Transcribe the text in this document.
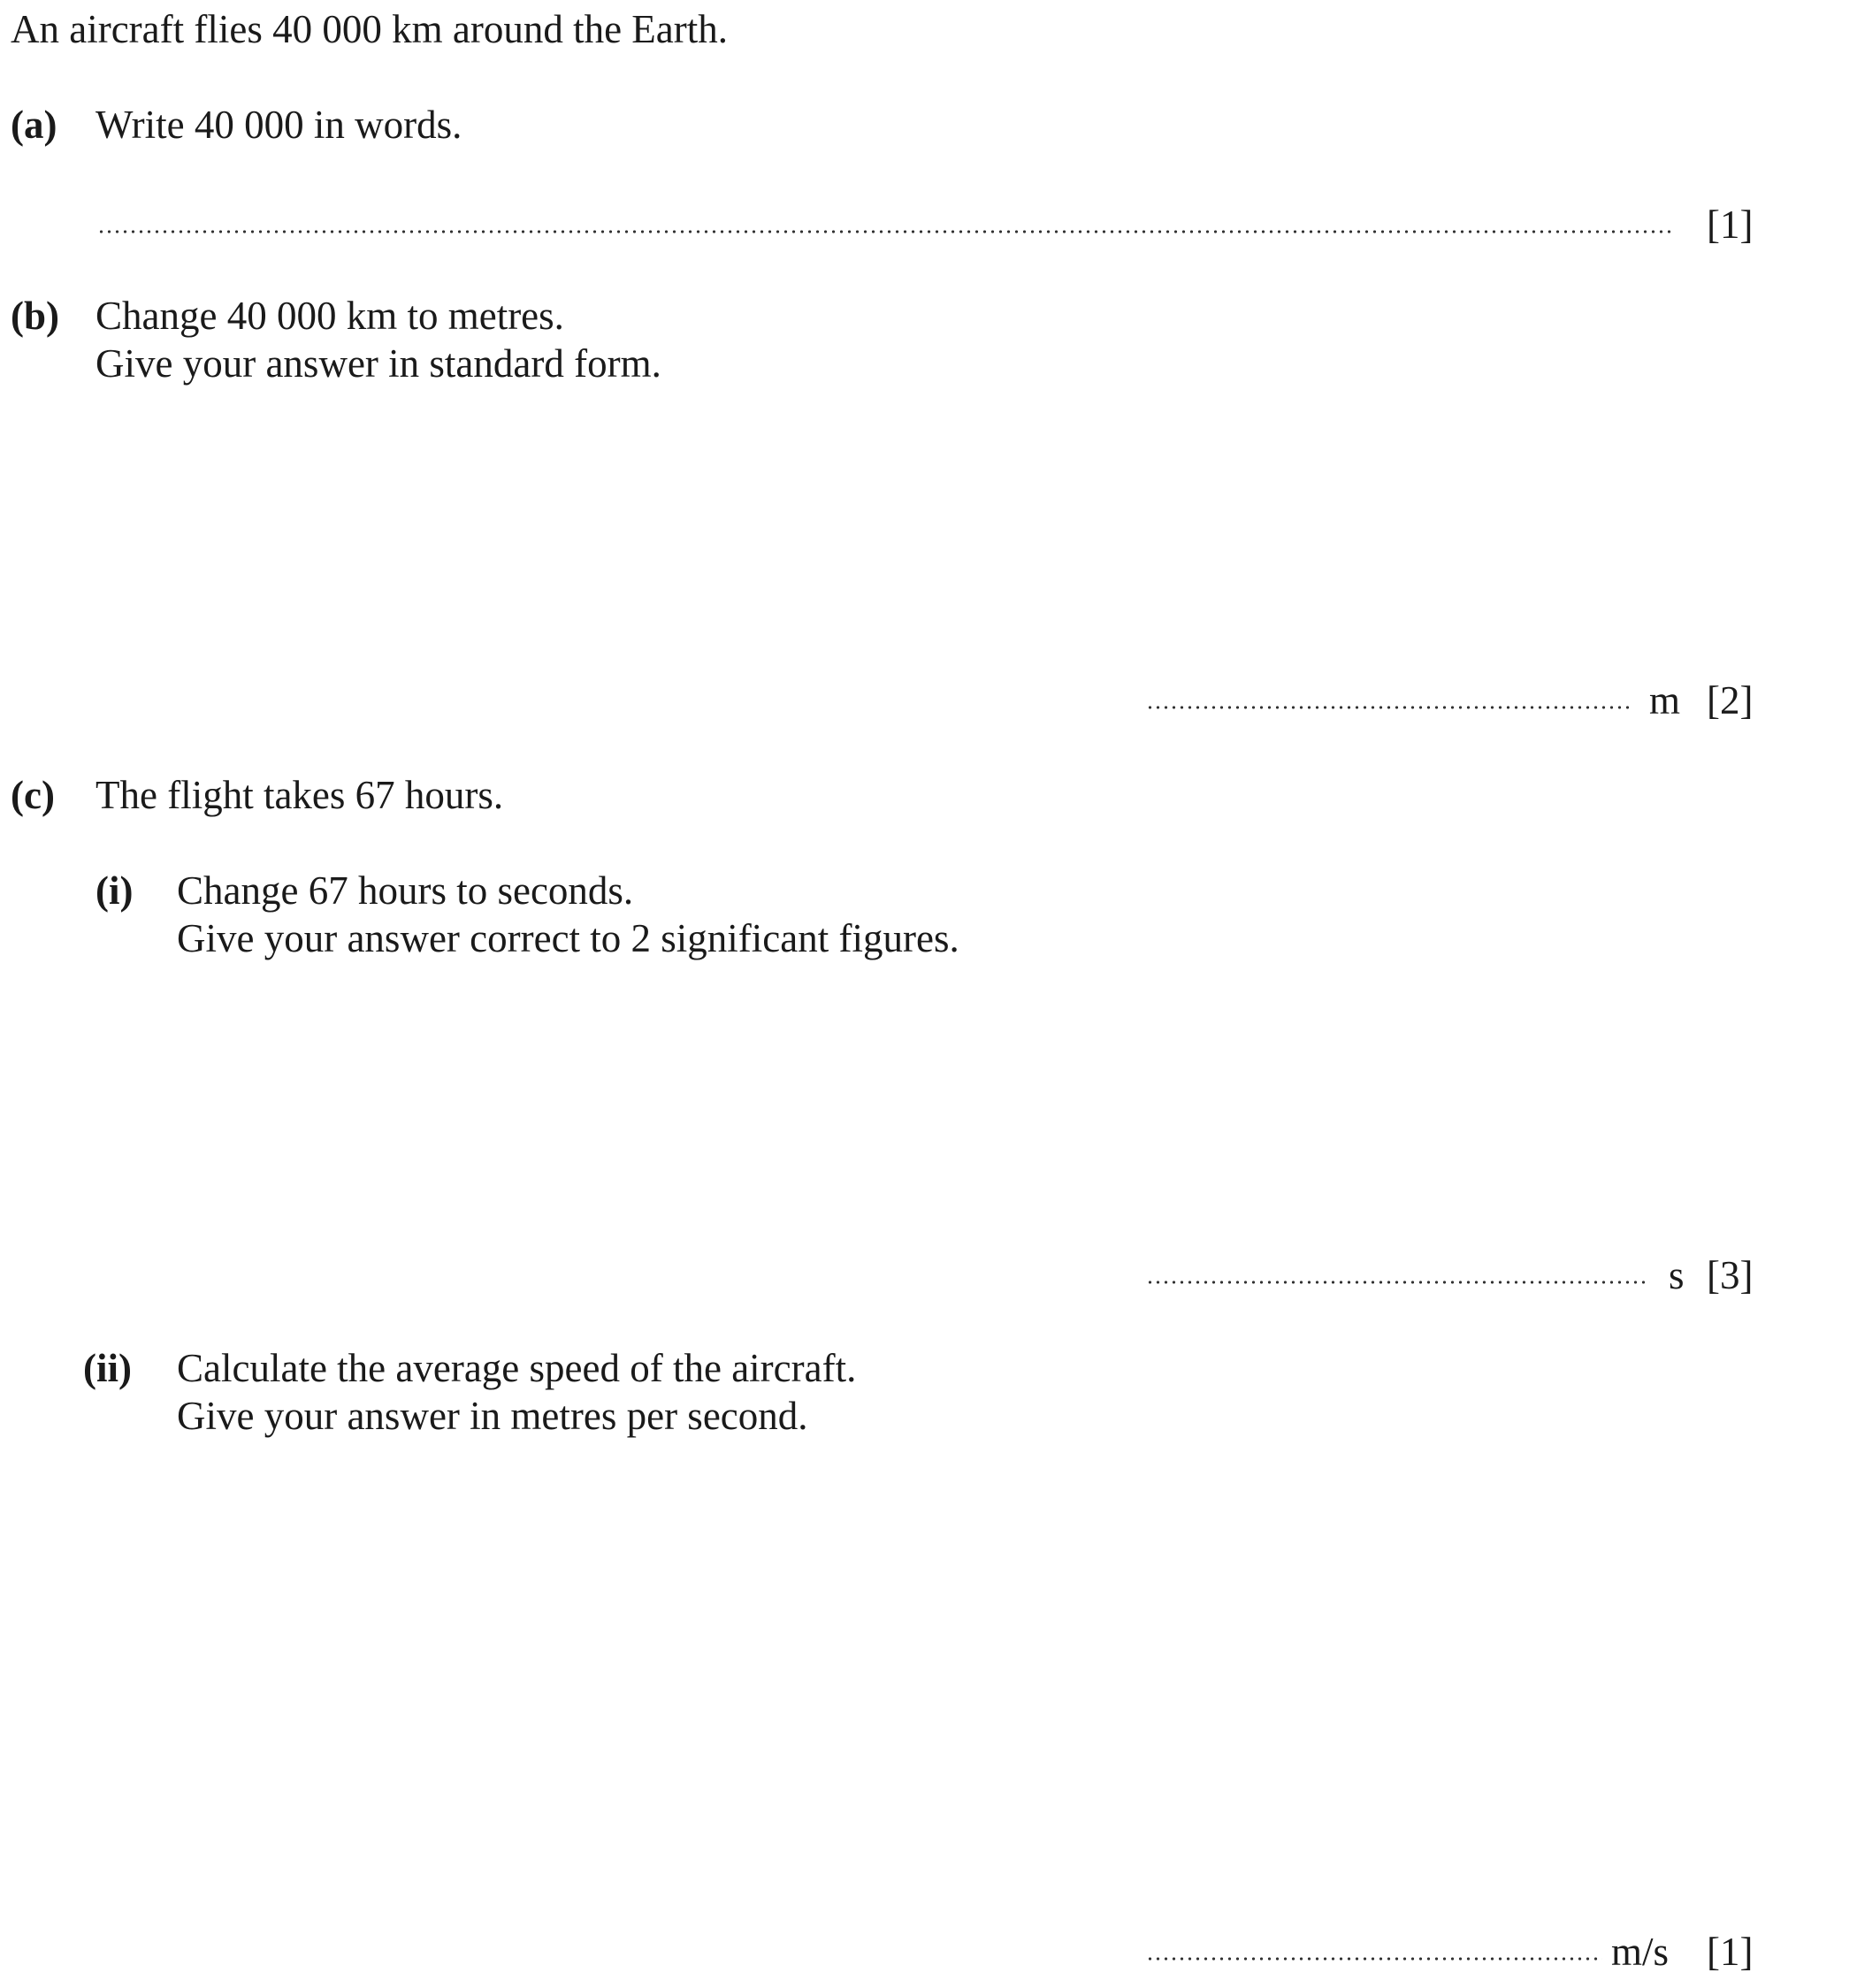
An aircraft flies 40 000 km around the Earth.
(a) Write 40 000 in words.
[1]
(b) Change 40 000 km to metres.
Give your answer in standard form.
m [2]
(c) The flight takes 67 hours.
(i) Change 67 hours to seconds.
Give your answer correct to 2 significant figures.
s [3]
(ii) Calculate the average speed of the aircraft.
Give your answer in metres per second.
m/s [1]
